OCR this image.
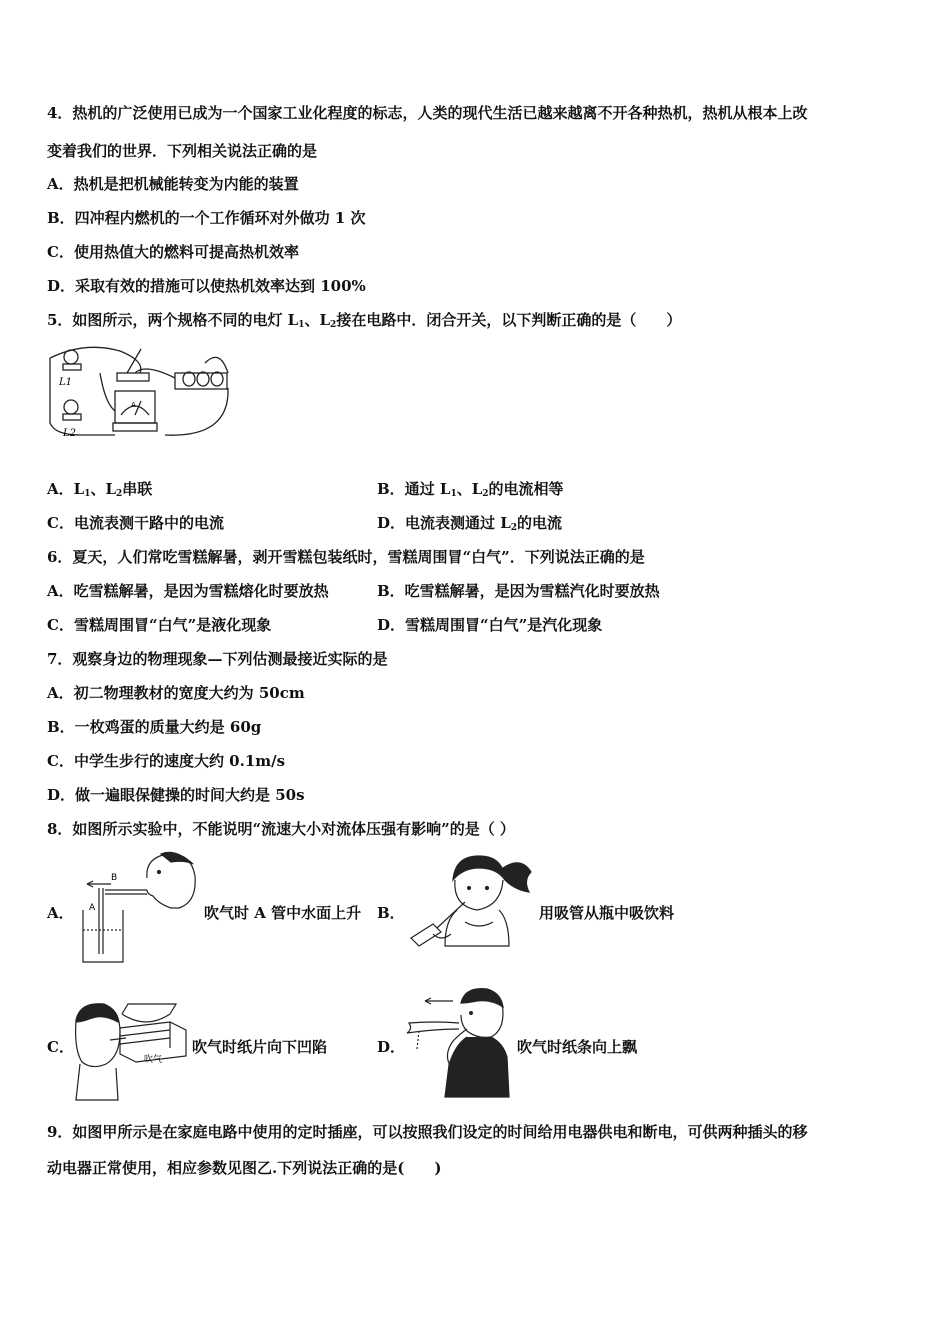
4．热机的广泛使用已成为一个国家工业化程度的标志，人类的现代生活已越来越离不开各种热机，热机从根本上改
变着我们的世界．下列相关说法正确的是
A．热机是把机械能转变为内能的装置
B．四冲程内燃机的一个工作循环对外做功 1 次
C．使用热值大的燃料可提高热机效率
D．采取有效的措施可以使热机效率达到 100%
5．如图所示，两个规格不同的电灯 $L_1$、$L_2$接在电路中．闭合开关，以下判断正确的是（　　）
L1
L2
A
A．$L_1$、$L_2$串联	B．通过 $L_1$、$L_2$的电流相等
C．电流表测干路中的电流	D．电流表测通过 $L_2$的电流
6．夏天，人们常吃雪糕解暑，剥开雪糕包装纸时，雪糕周围冒“白气”．下列说法正确的是
A．吃雪糕解暑，是因为雪糕熔化时要放热	B．吃雪糕解暑，是因为雪糕汽化时要放热
C．雪糕周围冒“白气”是液化现象	D．雪糕周围冒“白气”是汽化现象
7．观察身边的物理现象—下列估测最接近实际的是
A．初二物理教材的宽度大约为 50cm
B．一枚鸡蛋的质量大约是 60g
C．中学生步行的速度大约 0.1m/s
D．做一遍眼保健操的时间大约是 50s
8．如图所示实验中，不能说明“流速大小对流体压强有影响”的是（ ）
A．
B
A	吹气时 A 管中水面上升 B．	用吸管从瓶中吸饮料
C．
吹气
吹气时纸片向下凹陷	D．	吹气时纸条向上飘
9．如图甲所示是在家庭电路中使用的定时插座，可以按照我们设定的时间给用电器供电和断电，可供两种插头的移
动电器正常使用，相应参数见图乙.下列说法正确的是(　　)
